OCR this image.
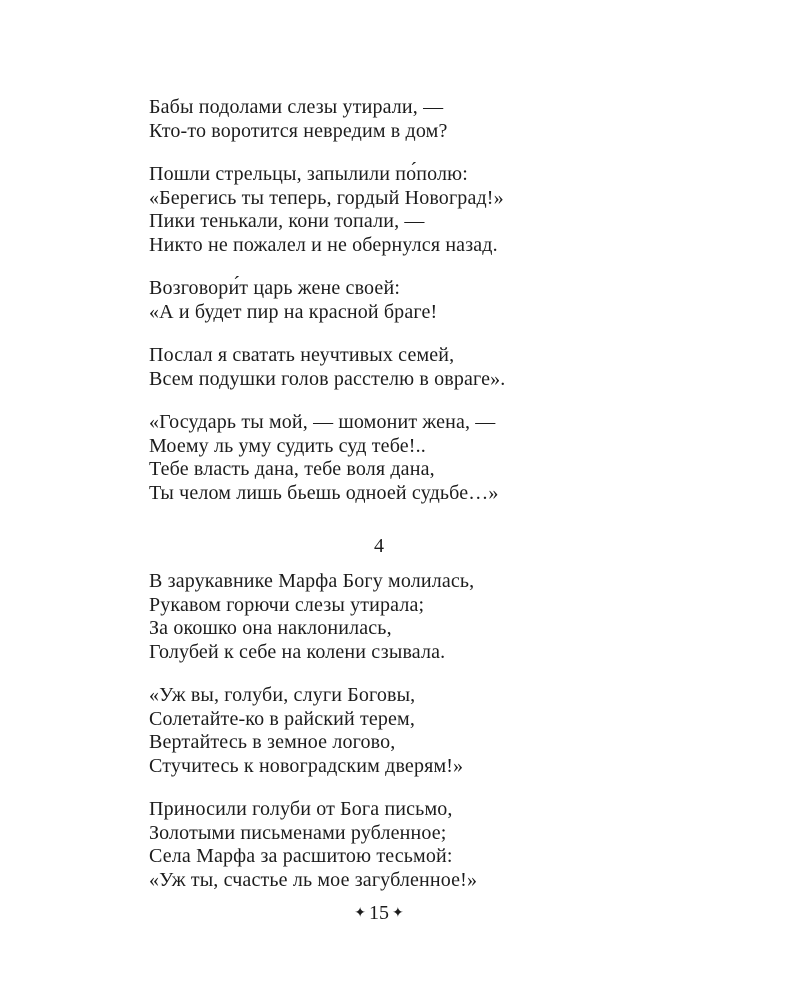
Бабы подолами слезы утирали, —
Кто-то воротится невредим в дом?
Пошли стрельцы, запылили по́полю:
«Берегись ты теперь, гордый Новоград!»
Пики тенькали, кони топали, —
Никто не пожалел и не обернулся назад.
Возговори́т царь жене своей:
«А и будет пир на красной браге!
Послал я сватать неучтивых семей,
Всем подушки голов расстелю в овраге».
«Государь ты мой, — шомонит жена, —
Моему ль уму судить суд тебе!..
Тебе власть дана, тебе воля дана,
Ты челом лишь бьешь одноей судьбе…»
4
В зарукавнике Марфа Богу молилась,
Рукавом горючи слезы утирала;
За окошко она наклонилась,
Голубей к себе на колени сзывала.
«Уж вы, голуби, слуги Боговы,
Солетайте-ко в райский терем,
Вертайтесь в земное логово,
Стучитесь к новоградским дверям!»
Приносили голуби от Бога письмо,
Золотыми письменами рубленное;
Села Марфа за расшитою тесьмой:
«Уж ты, счастье ль мое загубленное!»
✦ 15 ✦
